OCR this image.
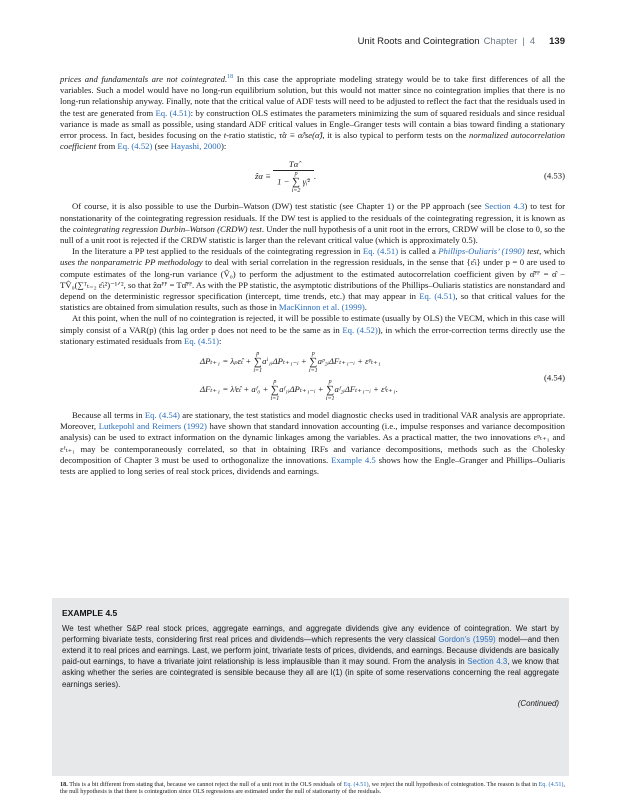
Unit Roots and Cointegration Chapter | 4 139

prices and fundamentals are not cointegrated.$^{18}$ In this case the appropriate modeling strategy would be to take first differences of all the variables. Such a model would have no long-run equilibrium solution, but this would not matter since no cointegration implies that there is no long-run relationship anyway. Finally, note that the critical value of ADF tests will need to be adjusted to reflect the fact that the residuals used in the test are generated from Eq. (4.51): by construction OLS estimates the parameters minimizing the sum of squared residuals and since residual variance is made as small as possible, using standard ADF critical values in Engle–Granger tests will contain a bias toward finding a stationary error process. In fact, besides focusing on the t-ratio statistic, τ̂α ≡ α̂/se(α̂), it is also typical to perform tests on the normalized autocorrelation coefficient from Eq. (4.52) (see Hayashi, 2000):

ẑα ≡
Tα̂
1 − p
∑
i=2 γ̂ᵢ² .	(4.53)

Of course, it is also possible to use the Durbin–Watson (DW) test statistic (see Chapter 1) or the PP approach (see Section 4.3) to test for nonstationarity of the cointegrating regression residuals. If the DW test is applied to the residuals of the cointegrating regression, it is known as the cointegrating regression Durbin–Watson (CRDW) test. Under the null hypothesis of a unit root in the errors, CRDW will be close to 0, so the null of a unit root is rejected if the CRDW statistic is larger than the relevant critical value (which is approximately 0.5).

In the literature a PP test applied to the residuals of the cointegrating regression in Eq. (4.51) is called a Phillips-Ouliaris’ (1990) test, which uses the nonparametric PP methodology to deal with serial correlation in the regression residuals, in the sense that {ε̂ₜ} under p = 0 are used to compute estimates of the long-run variance (V̂₀) to perform the adjustment to the estimated autocorrelation coefficient given by α̂ᴾᴾ = α̂ − TV̂₀(∑ᵀₜ₌₂ ε̂ₜ²)⁻¹ᐟ², so that ẑαᴾᴾ = Tα̂ᴾᴾ. As with the PP statistic, the asymptotic distributions of the Phillips–Ouliaris statistics are nonstandard and depend on the deterministic regressor specification (intercept, time trends, etc.) that may appear in Eq. (4.51), so that critical values for the statistics are obtained from simulation results, such as those in MacKinnon et al. (1999).

At this point, when the null of no cointegration is rejected, it will be possible to estimate (usually by OLS) the VECM, which in this case will simply consist of a VAR(p) (this lag order p does not need to be the same as in Eq. (4.52)), in which the error-correction terms directly use the stationary estimated residuals from Eq. (4.51):

ΔPₜ₊₁ = λₚε̂ₜ +

p
∑
i=1
aⁱ₁ᵢΔPₜ₊₁₋ᵢ +

p
∑
i=1
aᵖ₂ᵢΔFₜ₊₁₋ᵢ + εᵖₜ₊₁
ΔFₜ₊₁ = λᶠε̂ₜ + aᶠ₀ +

p
∑
i=1
aᶠ₁ᵢΔPₜ₊₁₋ᵢ +

p
∑
i=1
aᶠ₂ᵢΔFₜ₊₁₋ᵢ + εᶠₜ₊₁.
(4.54)

Because all terms in Eq. (4.54) are stationary, the test statistics and model diagnostic checks used in traditional VAR analysis are appropriate. Moreover, Lutkepohl and Reimers (1992) have shown that standard innovation accounting (i.e., impulse responses and variance decomposition analysis) can be used to extract information on the dynamic linkages among the variables. As a practical matter, the two innovations εᵖₜ₊₁ and εᶠₜ₊₁ may be contemporaneously correlated, so that in obtaining IRFs and variance decompositions, methods such as the Cholesky decomposition of Chapter 3 must be used to orthogonalize the innovations. Example 4.5 shows how the Engle–Granger and Phillips–Ouliaris tests are applied to long series of real stock prices, dividends and earnings.

EXAMPLE 4.5

We test whether S&P real stock prices, aggregate earnings, and aggregate dividends give any evidence of cointegration. We start by performing bivariate tests, considering first real prices and dividends—which represents the very classical Gordon's (1959) model—and then extend it to real prices and earnings. Last, we perform joint, trivariate tests of prices, dividends, and earnings. Because dividends are basically paid-out earnings, to have a trivariate joint relationship is less implausible than it may sound. From the analysis in Section 4.3, we know that asking whether the series are cointegrated is sensible because they all are I(1) (in spite of some reservations concerning the real aggregate earnings series).

(Continued)
18. This is a bit different from stating that, because we cannot reject the null of a unit root in the OLS residuals of Eq. (4.51), we reject the null hypothesis of cointegration. The reason is that in Eq. (4.51), the null hypothesis is that there is cointegration since OLS regressions are estimated under the null of stationarity of the residuals.
